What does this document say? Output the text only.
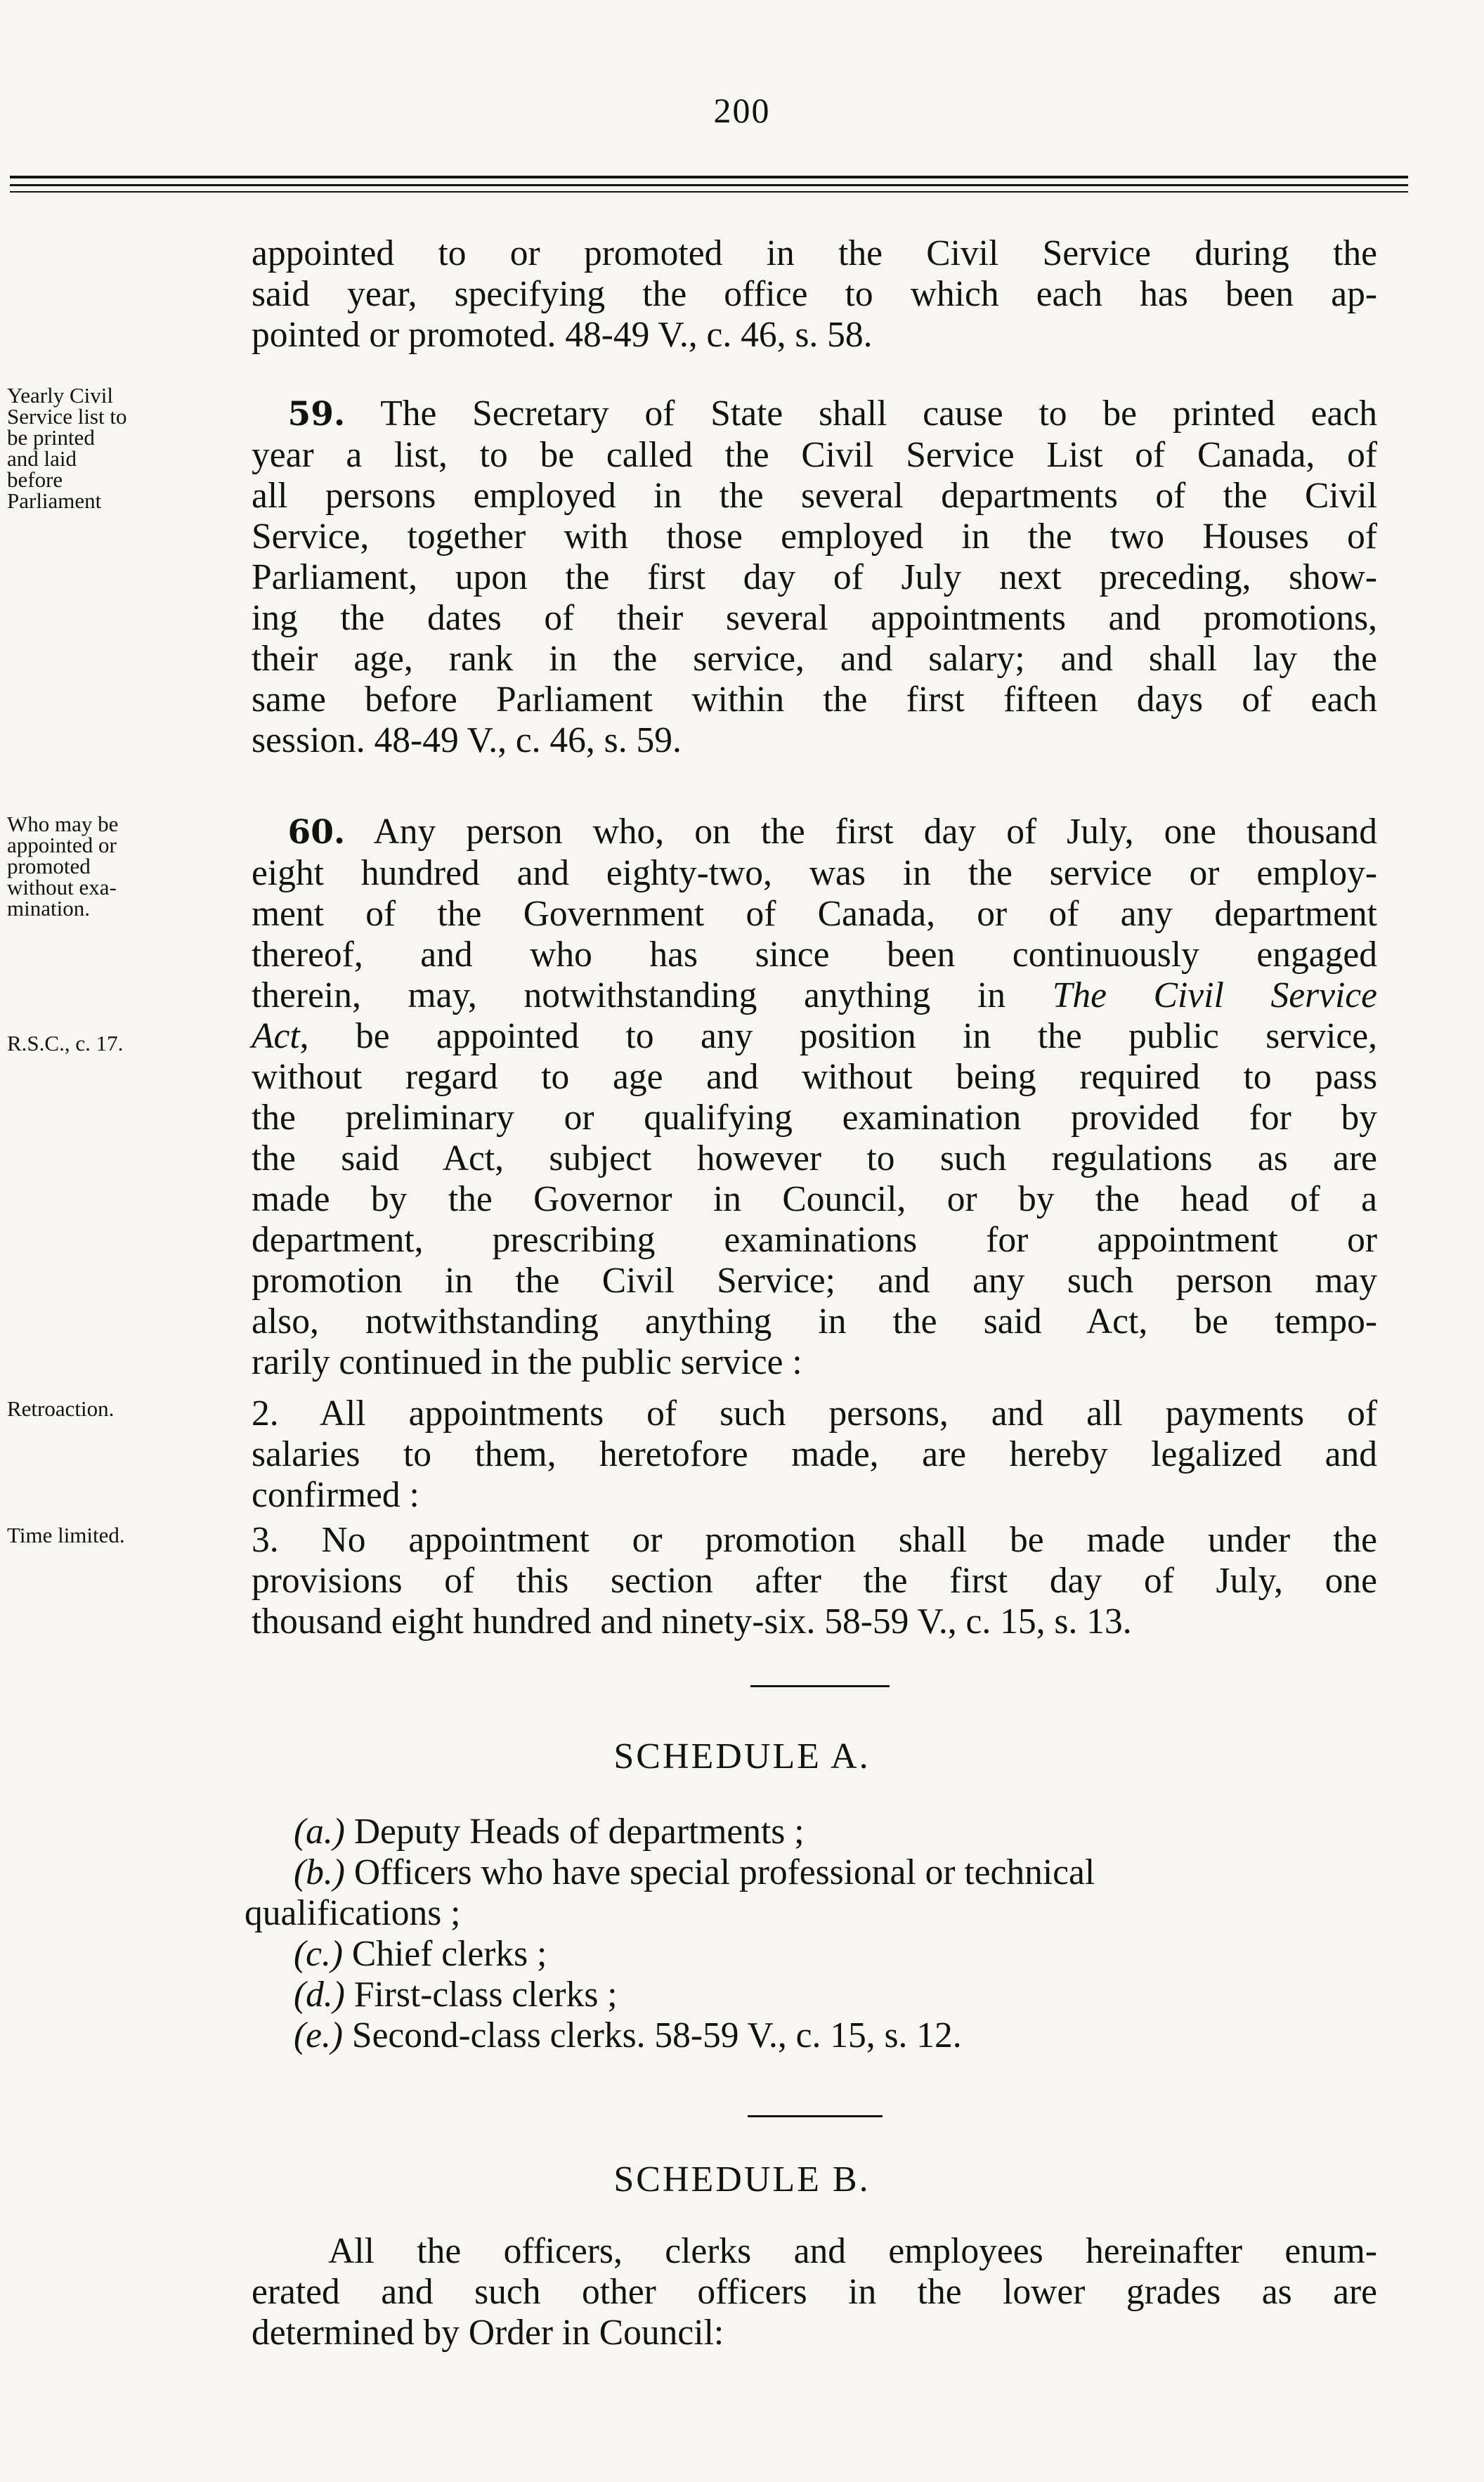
200

appointed to or promoted in the Civil Service during the
said year, specifying the office to which each has been ap-
pointed or promoted. 48-49 V., c. 46, s. 58.

Yearly Civil
Service list to
be printed
and laid
before
Parliament

 59. The Secretary of State shall cause to be printed each
year a list, to be called the Civil Service List of Canada, of
all persons employed in the several departments of the Civil
Service, together with those employed in the two Houses of
Parliament, upon the first day of July next preceding, show-
ing the dates of their several appointments and promotions,
their age, rank in the service, and salary; and shall lay the
same before Parliament within the first fifteen days of each
session. 48-49 V., c. 46, s. 59.

Who may be
appointed or
promoted
without exa-
mination.
R.S.C., c. 17.

 60. Any person who, on the first day of July, one thousand
eight hundred and eighty-two, was in the service or employ-
ment of the Government of Canada, or of any department
thereof, and who has since been continuously engaged
therein, may, notwithstanding anything in The Civil Service
Act, be appointed to any position in the public service,
without regard to age and without being required to pass
the preliminary or qualifying examination provided for by
the said Act, subject however to such regulations as are
made by the Governor in Council, or by the head of a
department, prescribing examinations for appointment or
promotion in the Civil Service; and any such person may
also, notwithstanding anything in the said Act, be tempo-
rarily continued in the public service :

Retroaction.	2. All appointments of such persons, and all payments of
salaries to them, heretofore made, are hereby legalized and
confirmed :

Time limited.	3. No appointment or promotion shall be made under the
provisions of this section after the first day of July, one
thousand eight hundred and ninety-six. 58-59 V., c. 15, s. 13.

SCHEDULE A.
(a.) Deputy Heads of departments ;
(b.) Officers who have special professional or technical
qualifications ;
(c.) Chief clerks ;
(d.) First-class clerks ;
(e.) Second-class clerks. 58-59 V., c. 15, s. 12.
SCHEDULE B.

  All the officers, clerks and employees hereinafter enum-
erated and such other officers in the lower grades as are
determined by Order in Council:
